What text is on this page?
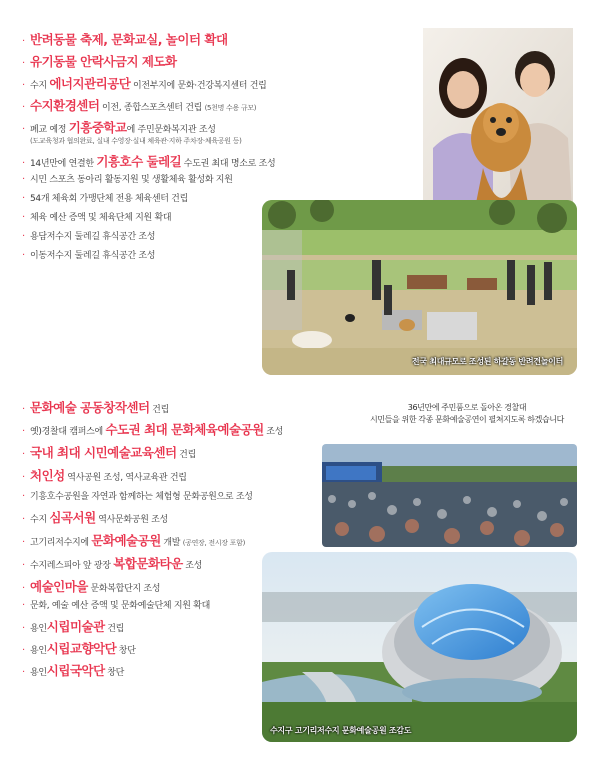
· 반려동물 축제, 문화교실, 놀이터 확대
· 유기동물 안락사금지 제도화
· 수지 에너지관리공단 이전부지에 문화·건강복지센터 건립
· 수지환경센터 이전, 종합스포츠센터 건립 (5천명 수용 규모)
· 폐교 예정 기흥중학교에 주민문화복지관 조성
(도교육청과 협의완료, 실내 수영장·실내 체육관·지하 주차장·체육공원 등)
· 14년만에 연결한 기흥호수 둘레길 수도권 최대 명소로 조성
· 시민 스포츠 동아리 활동지원 및 생활체육 활성화 지원
· 54개 체육회 가맹단체 전용 체육센터 건립
· 체육 예산 증액 및 체육단체 지원 확대
· 용담저수지 둘레길 휴식공간 조성
· 이동저수지 둘레길 휴식공간 조성
전국 최대규모로 조성된 하갈동 반려견놀이터
· 문화예술 공동창작센터 건립
· 옛)경찰대 캠퍼스에 수도권 최대 문화체육예술공원 조성
· 국내 최대 시민예술교육센터 건립
· 처인성 역사공원 조성, 역사교육관 건립
· 기흥호수공원을 자연과 함께하는 체험형 문화공원으로 조성
· 수지 심곡서원 역사문화공원 조성
· 고기리저수지에 문화예술공원 개발 (공연장, 전시장 포함)
· 수지레스피아 앞 광장 복합문화타운 조성
· 예술인마을 문화복합단지 조성
· 문화, 예술 예산 증액 및 문화예술단체 지원 확대
· 용인시립미술관 건립
· 용인시립교향악단 창단
· 용인시립국악단 창단
36년만에 주민품으로 돌아온 경찰대
시민들을 위한 각종 문화예술공연이 펼쳐지도록 하겠습니다
수지구 고기리저수지 문화예술공원 조감도
